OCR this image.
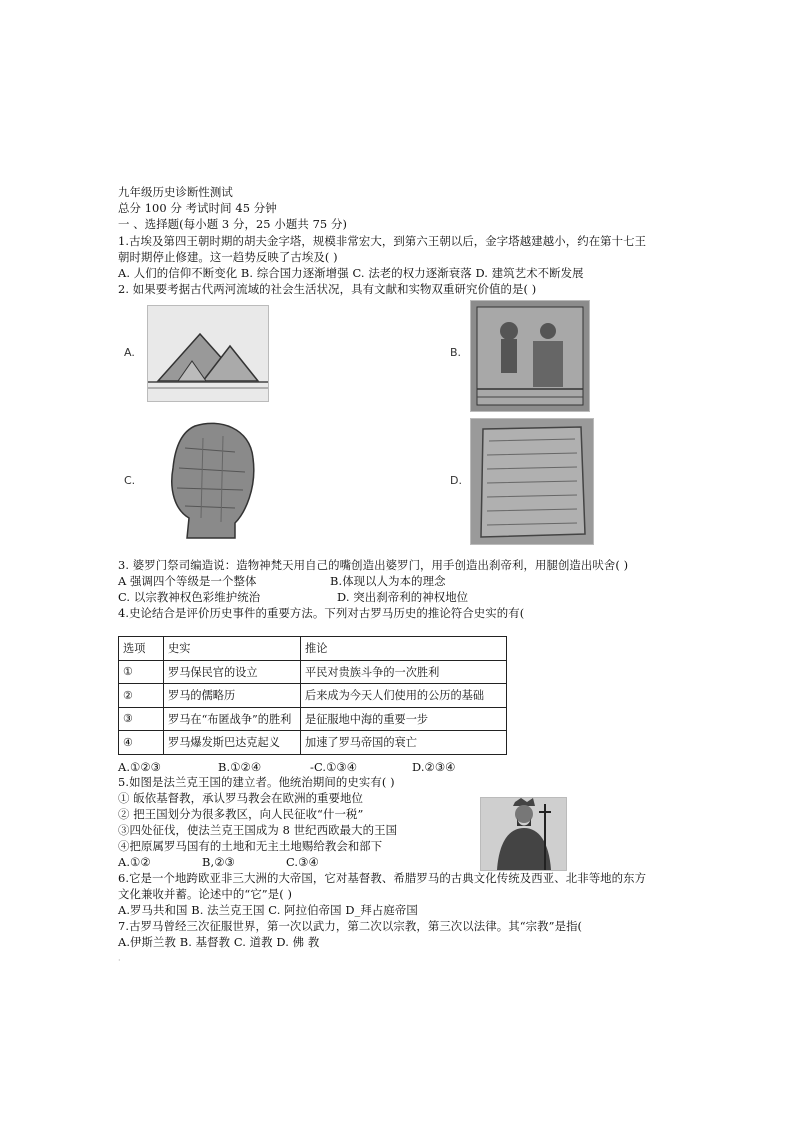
九年级历史诊断性测试
总分 100 分 考试时间 45 分钟
一 、选择题(每小题 3 分，25 小题共 75 分)
1.古埃及第四王朝时期的胡夫金字塔，规模非常宏大，到第六王朝以后，金字塔越建越小，约在第十七王
朝时期停止修建。这一趋势反映了古埃及( )
A. 人们的信仰不断变化 B. 综合国力逐渐增强 C. 法老的权力逐渐衰落 D. 建筑艺术不断发展
2. 如果要考据古代两河流域的社会生活状况，具有文献和实物双重研究价值的是( )
A.	B.
C.	D.
3. 婆罗门祭司编造说：造物神梵天用自己的嘴创造出婆罗门，用手创造出刹帝利，用腿创造出吠舍( )
A 强调四个等级是一个整体	B.体现以人为本的理念
C. 以宗教神权色彩维护统治	D. 突出刹帝利的神权地位
4.史论结合是评价历史事件的重要方法。下列对古罗马历史的推论符合史实的有(
选项	史实	推论
①	罗马保民官的设立	平民对贵族斗争的一次胜利
②	罗马的儒略历	后来成为今天人们使用的公历的基础
③	罗马在“布匿战争”的胜利	是征服地中海的重要一步
④	罗马爆发斯巴达克起义	加速了罗马帝国的衰亡
A.①②③	B.①②④	-C.①③④	D.②③④
5.如图是法兰克王国的建立者。他统治期间的史实有( )
① 皈依基督教，承认罗马教会在欧洲的重要地位
② 把王国划分为很多教区，向人民征收“什一税”
③四处征伐，使法兰克王国成为 8 世纪西欧最大的王国
④把原属罗马国有的土地和无主土地赐给教会和部下
A.①②	B,②③	C.③④
6.它是一个地跨欧亚非三大洲的大帝国，它对基督教、希腊罗马的古典文化传统及西亚、北非等地的东方
文化兼收并蓄。论述中的“它”是( )
A.罗马共和国 B. 法兰克王国 C. 阿拉伯帝国 D_拜占庭帝国
7.古罗马曾经三次征服世界，第一次以武力，第二次以宗教，第三次以法律。其“宗教”是指(
A.伊斯兰教 B. 基督教 C. 道教 D. 佛 教
·
